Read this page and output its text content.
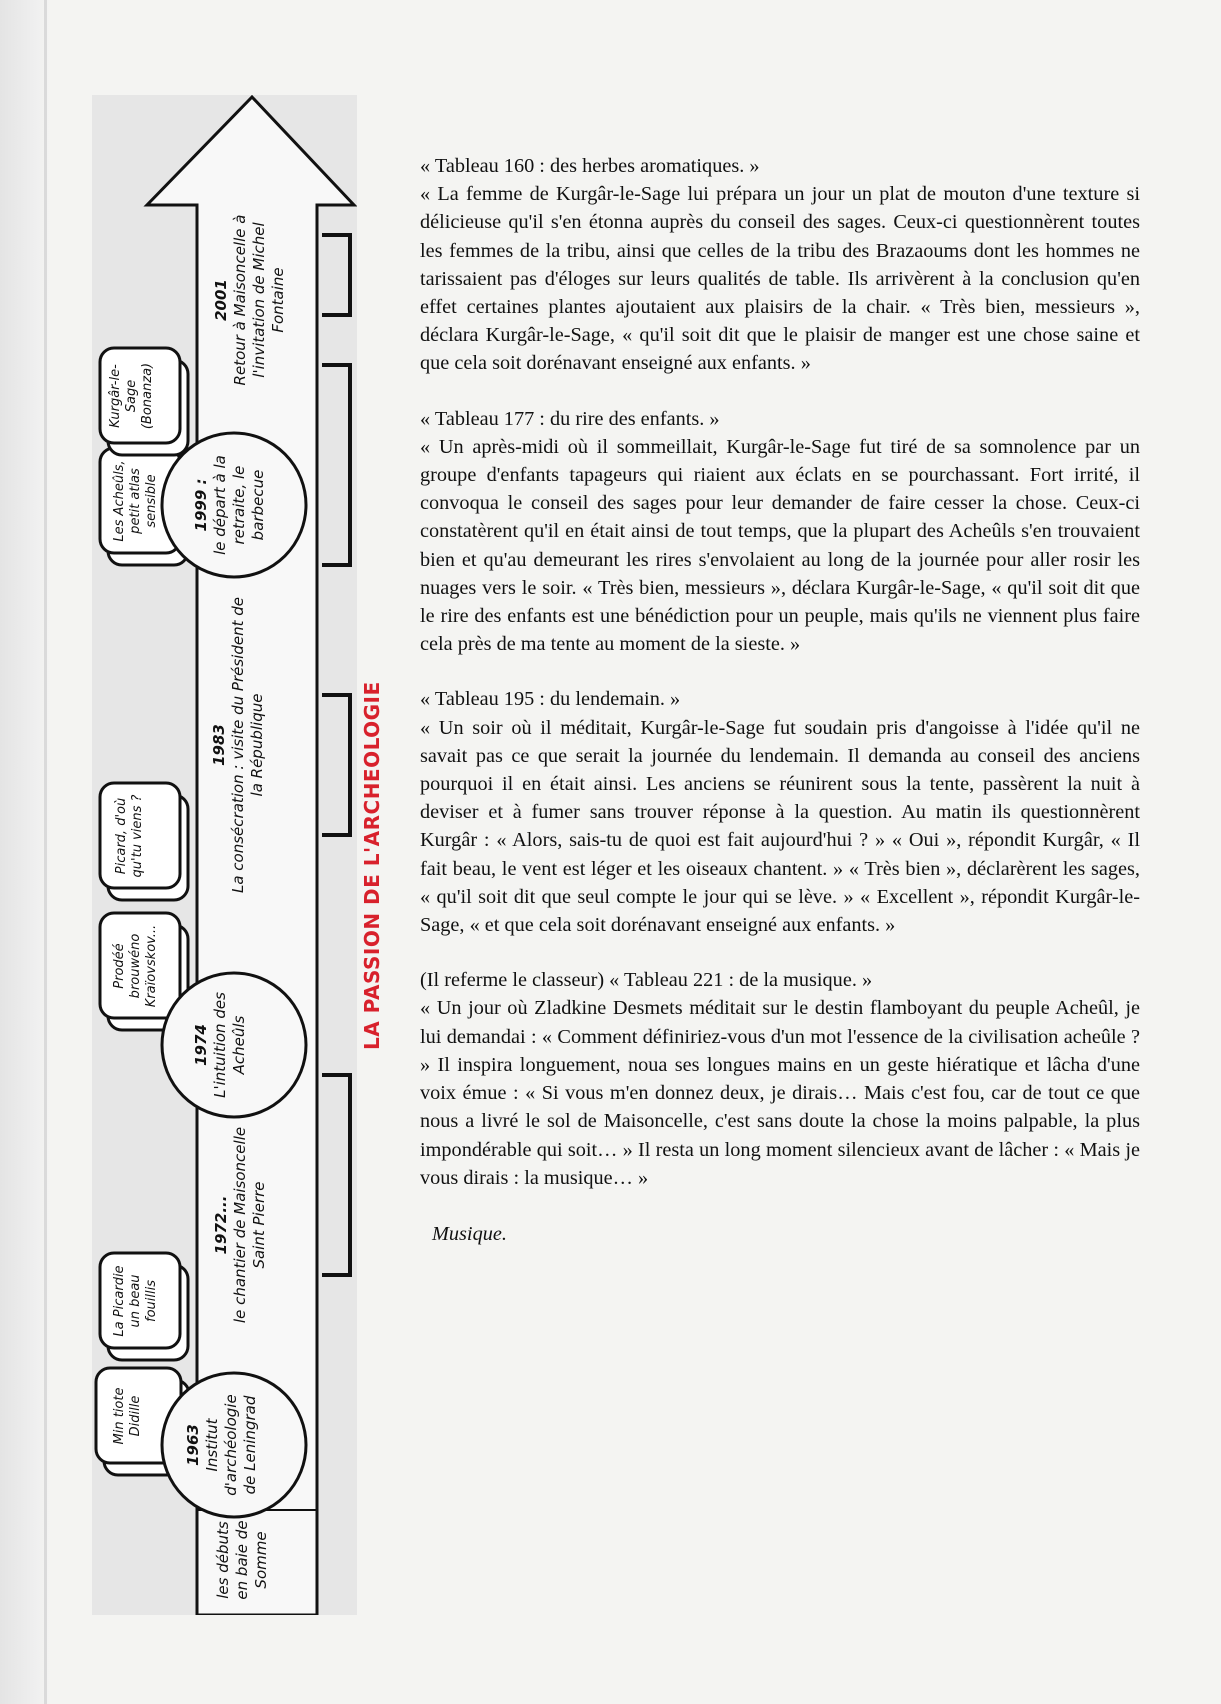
les débuts en baie de Somme
1963 Institut d'archéologie de Leningrad
1972... le chantier de Maisoncelle Saint Pierre
1974 L'intuition des Acheûls
1983 La consécration : visite du Président de la République
1999 : le départ à la retraite, le barbecue
2001 Retour à Maisoncelle à l'invitation de Michel Fontaine
Min tiote Didille
La Picardie un beau fouillis
Prodéé brouwéno Kraïovskov...
Picard, d'où qu'tu viens ?
Les Acheûls, petit atlas sensible
Kurgâr-le-Sage (Bonanza)
LA PASSION DE L'ARCHEOLOGIE

« Tableau 160 : des herbes aromatiques. »

« La femme de Kurgâr-le-Sage lui prépara un jour un plat de mouton d'une texture si délicieuse qu'il s'en étonna auprès du conseil des sages. Ceux-ci questionnèrent toutes les femmes de la tribu, ainsi que celles de la tribu des Brazaoums dont les hommes ne tarissaient pas d'éloges sur leurs qualités de table. Ils arrivèrent à la conclusion qu'en effet certaines plantes ajoutaient aux plaisirs de la chair. « Très bien, messieurs », déclara Kurgâr-le-Sage, « qu'il soit dit que le plaisir de manger est une chose saine et que cela soit dorénavant enseigné aux enfants. »

« Tableau 177 : du rire des enfants. »

« Un après-midi où il sommeillait, Kurgâr-le-Sage fut tiré de sa somnolence par un groupe d'enfants tapageurs qui riaient aux éclats en se pourchassant. Fort irrité, il convoqua le conseil des sages pour leur demander de faire cesser la chose. Ceux-ci constatèrent qu'il en était ainsi de tout temps, que la plupart des Acheûls s'en trouvaient bien et qu'au demeurant les rires s'envolaient au long de la journée pour aller rosir les nuages vers le soir. « Très bien, messieurs », déclara Kurgâr-le-Sage, « qu'il soit dit que le rire des enfants est une bénédiction pour un peuple, mais qu'ils ne viennent plus faire cela près de ma tente au moment de la sieste. »

« Tableau 195 : du lendemain. »

« Un soir où il méditait, Kurgâr-le-Sage fut soudain pris d'angoisse à l'idée qu'il ne savait pas ce que serait la journée du lendemain. Il demanda au conseil des anciens pourquoi il en était ainsi. Les anciens se réunirent sous la tente, passèrent la nuit à deviser et à fumer sans trouver réponse à la question. Au matin ils questionnèrent Kurgâr : « Alors, sais-tu de quoi est fait aujourd'hui ? » « Oui », répondit Kurgâr, « Il fait beau, le vent est léger et les oiseaux chantent. » « Très bien », déclarèrent les sages, « qu'il soit dit que seul compte le jour qui se lève. » « Excellent », répondit Kurgâr-le-Sage, « et que cela soit dorénavant enseigné aux enfants. »

(Il referme le classeur) « Tableau 221 : de la musique. »

« Un jour où Zladkine Desmets méditait sur le destin flamboyant du peuple Acheûl, je lui demandai : « Comment définiriez-vous d'un mot l'essence de la civilisation acheûle ? » Il inspira longuement, noua ses longues mains en un geste hiératique et lâcha d'une voix émue : « Si vous m'en donnez deux, je dirais… Mais c'est fou, car de tout ce que nous a livré le sol de Maisoncelle, c'est sans doute la chose la moins palpable, la plus impondérable qui soit… » Il resta un long moment silencieux avant de lâcher : « Mais je vous dirais : la musique… »

Musique.
